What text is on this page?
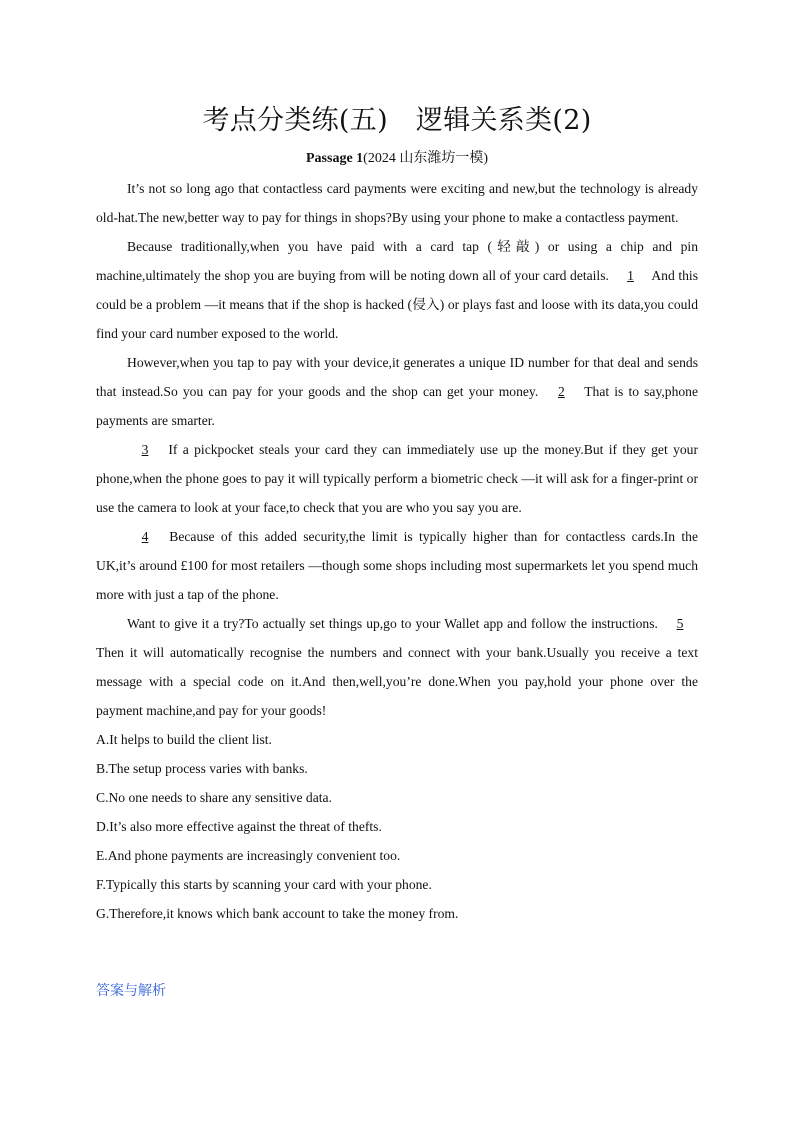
考点分类练(五) 逻辑关系类(2)
Passage 1(2024 山东潍坊一模)

It’s not so long ago that contactless card payments were exciting and new,but the technology is already old-hat.The new,better way to pay for things in shops?By using your phone to make a contactless payment.

Because traditionally,when you have paid with a card tap (轻敲) or using a chip and pin machine,ultimately the shop you are buying from will be noting down all of your card details. 1 And this could be a problem —it means that if the shop is hacked (侵入) or plays fast and loose with its data,you could find your card number exposed to the world.

However,when you tap to pay with your device,it generates a unique ID number for that deal and sends that instead.So you can pay for your goods and the shop can get your money. 2 That is to say,phone payments are smarter.

3 If a pickpocket steals your card they can immediately use up the money.But if they get your phone,when the phone goes to pay it will typically perform a biometric check —it will ask for a finger-print or use the camera to look at your face,to check that you are who you say you are.

4 Because of this added security,the limit is typically higher than for contactless cards.In the UK,it’s around £100 for most retailers —though some shops including most supermarkets let you spend much more with just a tap of the phone.

Want to give it a try?To actually set things up,go to your Wallet app and follow the instructions. 5 Then it will automatically recognise the numbers and connect with your bank.Usually you receive a text message with a special code on it.And then,well,you’re done.When you pay,hold your phone over the payment machine,and pay for your goods!

A.It helps to build the client list.

B.The setup process varies with banks.

C.No one needs to share any sensitive data.

D.It’s also more effective against the threat of thefts.

E.And phone payments are increasingly convenient too.

F.Typically this starts by scanning your card with your phone.

G.Therefore,it knows which bank account to take the money from.

答案与解析
